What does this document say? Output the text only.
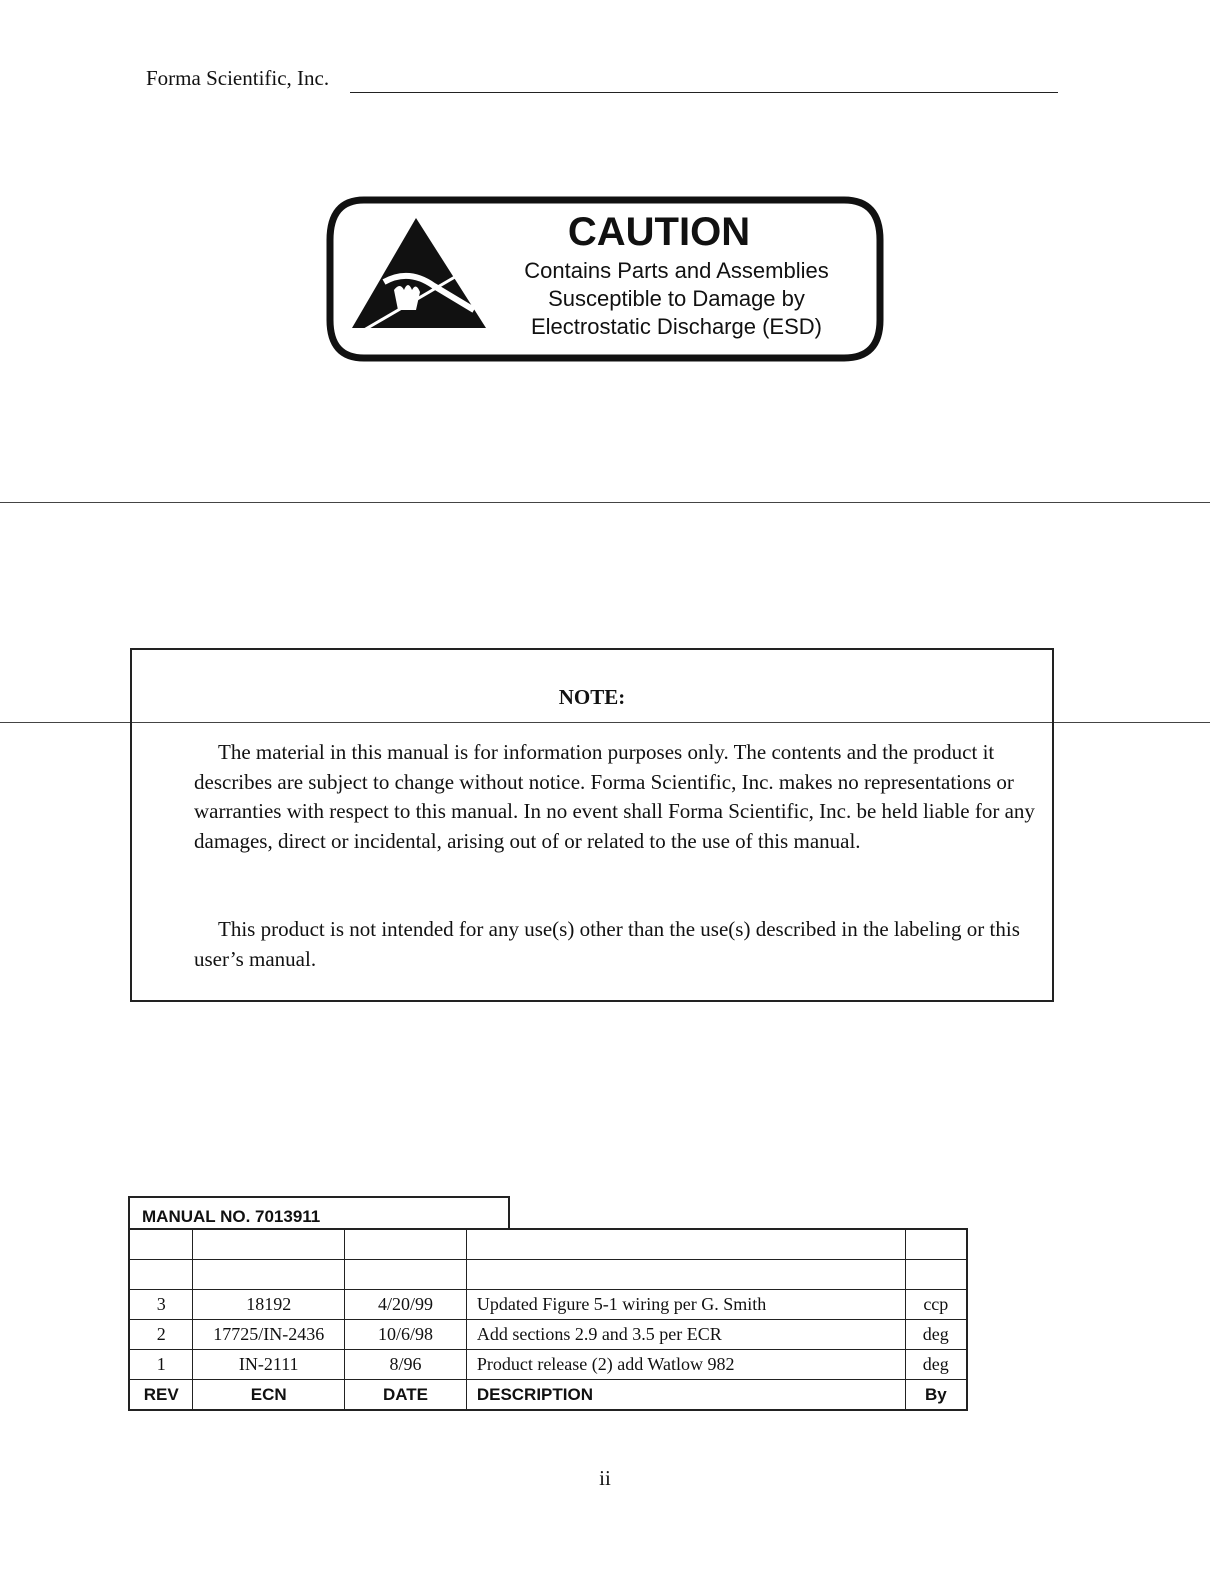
Forma Scientific, Inc.
CAUTION
Contains Parts and Assemblies
Susceptible to Damage by
Electrostatic Discharge (ESD)
NOTE:
The material in this manual is for information purposes only. The contents and the product it describes are subject to change without notice. Forma Scientific, Inc. makes no representations or warranties with respect to this manual. In no event shall Forma Scientific, Inc. be held liable for any damages, direct or incidental, arising out of or related to the use of this manual.
This product is not intended for any use(s) other than the use(s) described in the labeling or this user’s manual.
MANUAL NO. 7013911

3	18192	4/20/99	Updated Figure 5-1 wiring per G. Smith	ccp
2	17725/IN-2436	10/6/98	Add sections 2.9 and 3.5 per ECR	deg
1	IN-2111	8/96	Product release (2) add Watlow 982	deg
REV	ECN	DATE	DESCRIPTION	By
ii
